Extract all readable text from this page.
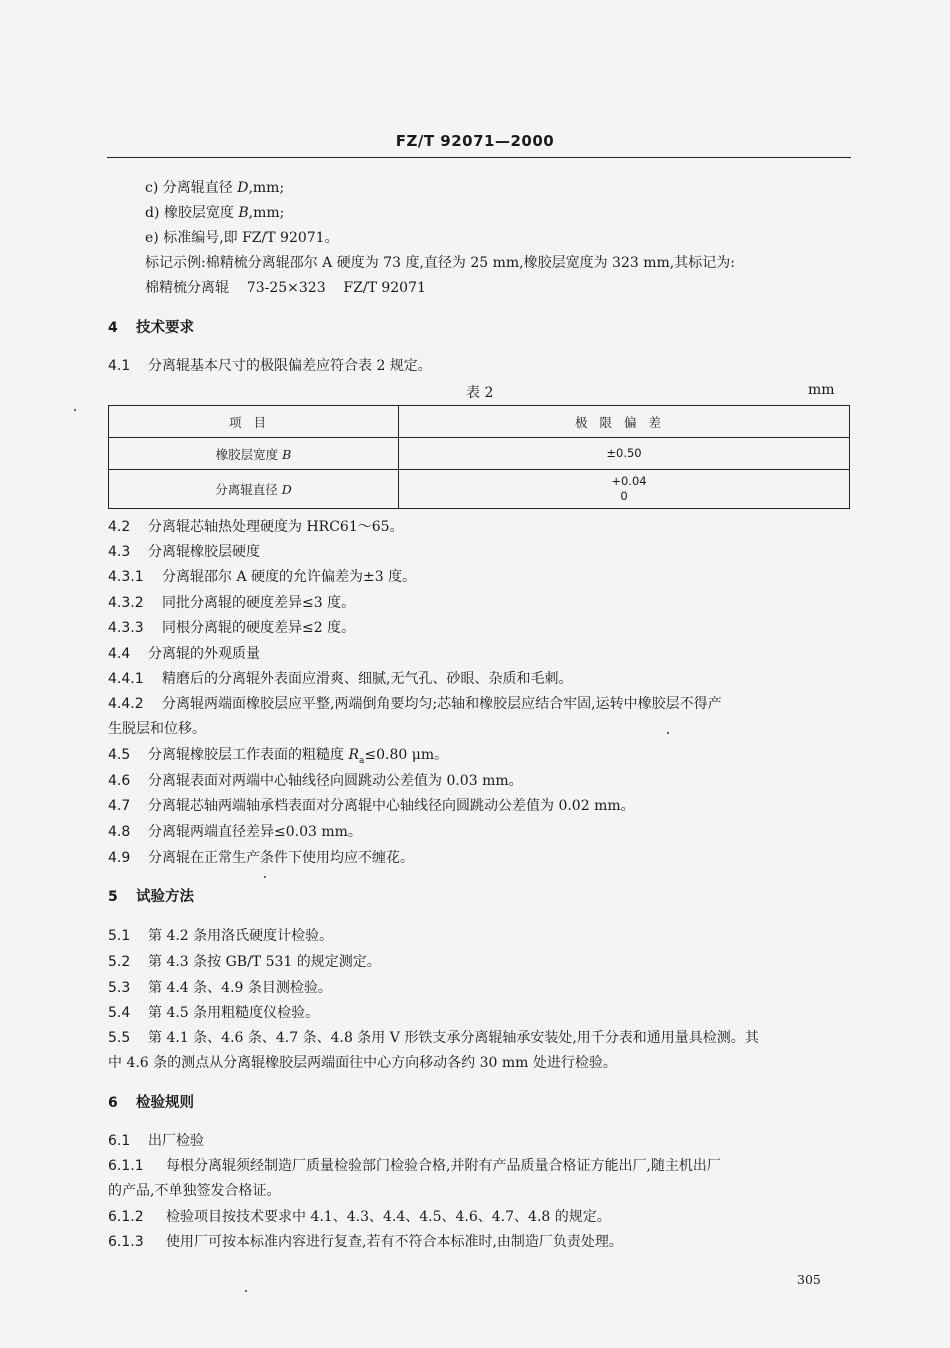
FZ/T 92071—2000
c) 分离辊直径 D,mm;
d) 橡胶层宽度 B,mm;
e) 标准编号,即 FZ/T 92071。
标记示例:棉精梳分离辊邵尔 A 硬度为 73 度,直径为 25 mm,橡胶层宽度为 323 mm,其标记为:
棉精梳分离辊    73-25×323    FZ/T 92071
4 技术要求
4.1 分离辊基本尺寸的极限偏差应符合表 2 规定。
表 2	mm
项目	极限偏差
橡胶层宽度 B	±0.50

分离辊直径 D	+0.04
0
4.2 分离辊芯轴热处理硬度为 HRC61～65。
4.3 分离辊橡胶层硬度
4.3.1 分离辊邵尔 A 硬度的允许偏差为±3 度。
4.3.2 同批分离辊的硬度差异≤3 度。
4.3.3 同根分离辊的硬度差异≤2 度。
4.4 分离辊的外观质量
4.4.1 精磨后的分离辊外表面应滑爽、细腻,无气孔、砂眼、杂质和毛刺。
4.4.2 分离辊两端面橡胶层应平整,两端倒角要均匀;芯轴和橡胶层应结合牢固,运转中橡胶层不得产
生脱层和位移。
4.5 分离辊橡胶层工作表面的粗糙度 $R_a\le 0.80$ μm。
4.6 分离辊表面对两端中心轴线径向圆跳动公差值为 0.03 mm。
4.7 分离辊芯轴两端轴承档表面对分离辊中心轴线径向圆跳动公差值为 0.02 mm。
4.8 分离辊两端直径差异≤0.03 mm。
4.9 分离辊在正常生产条件下使用均应不缠花。
5 试验方法
5.1 第 4.2 条用洛氏硬度计检验。
5.2 第 4.3 条按 GB/T 531 的规定测定。
5.3 第 4.4 条、4.9 条目测检验。
5.4 第 4.5 条用粗糙度仪检验。
5.5 第 4.1 条、4.6 条、4.7 条、4.8 条用 V 形铁支承分离辊轴承安装处,用千分表和通用量具检测。其
中 4.6 条的测点从分离辊橡胶层两端面往中心方向移动各约 30 mm 处进行检验。
6 检验规则
6.1 出厂检验
6.1.1 每根分离辊须经制造厂质量检验部门检验合格,并附有产品质量合格证方能出厂,随主机出厂
的产品,不单独签发合格证。
6.1.2 检验项目按技术要求中 4.1、4.3、4.4、4.5、4.6、4.7、4.8 的规定。
6.1.3 使用厂可按本标准内容进行复查,若有不符合本标准时,由制造厂负责处理。
305
